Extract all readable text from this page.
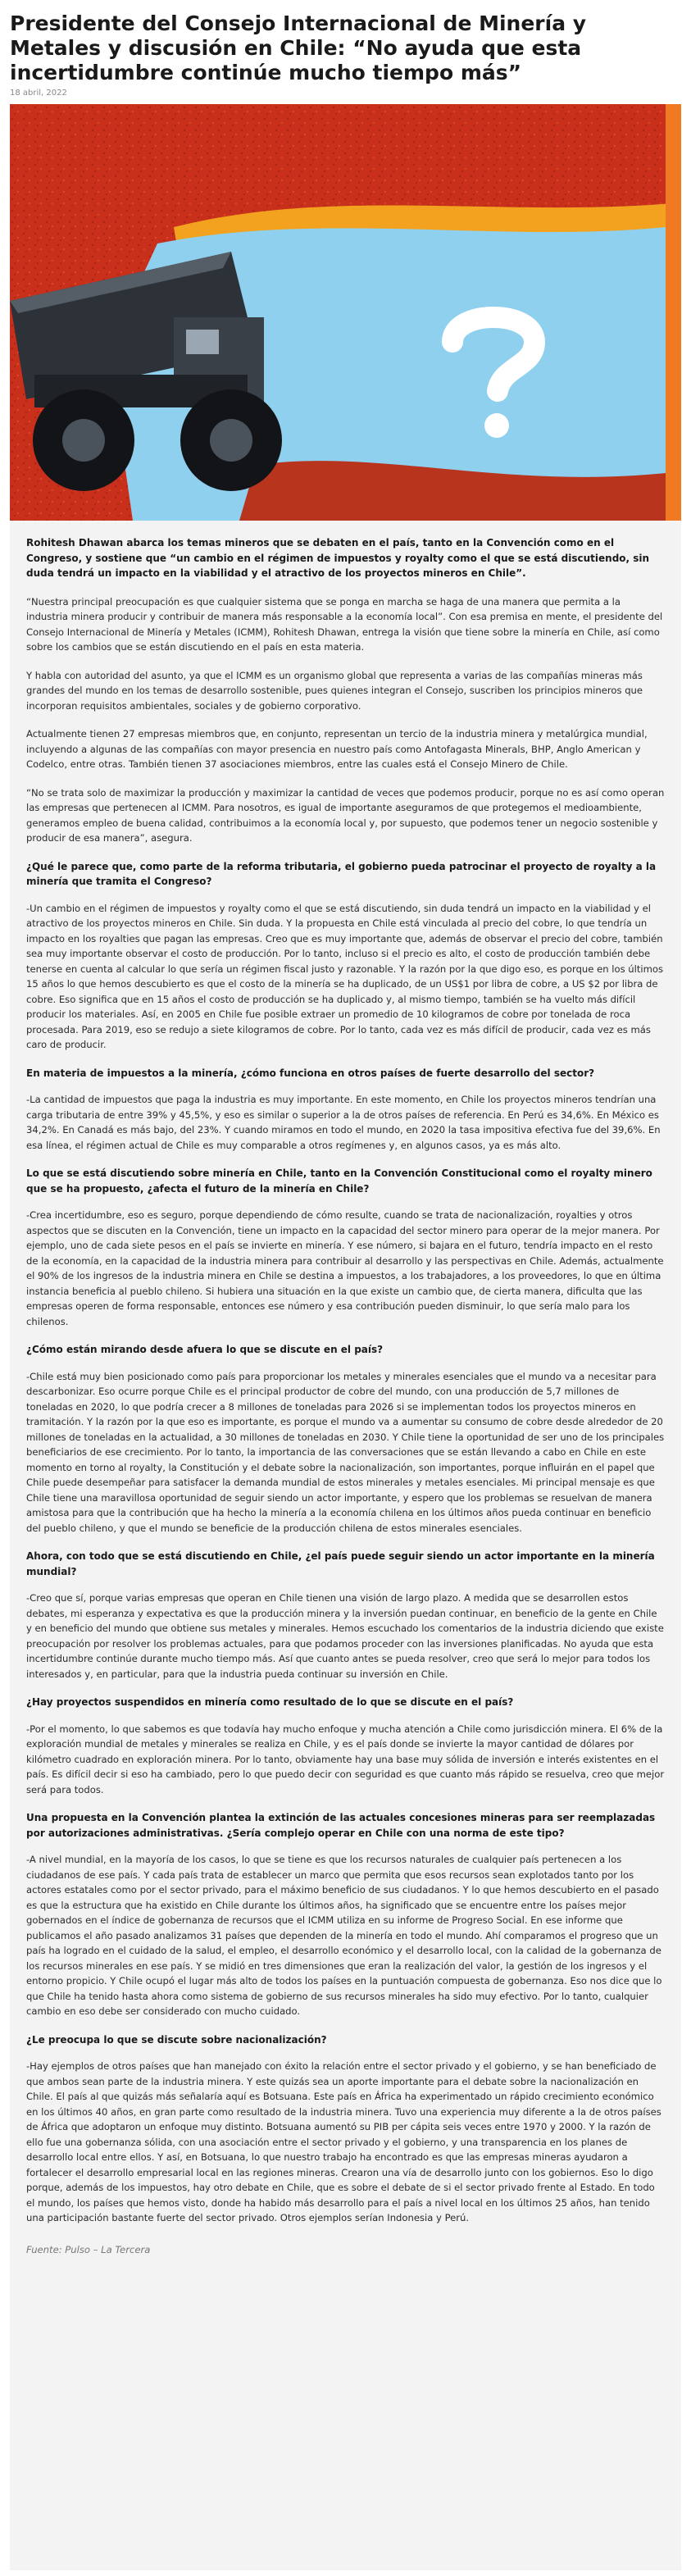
Presidente del Consejo Internacional de Minería y Metales y discusión en Chile: “No ayuda que esta incertidumbre continúe mucho tiempo más”
18 abril, 2022

Rohitesh Dhawan abarca los temas mineros que se debaten en el país, tanto en la Convención como en el Congreso, y sostiene que “un cambio en el régimen de impuestos y royalty como el que se está discutiendo, sin duda tendrá un impacto en la viabilidad y el atractivo de los proyectos mineros en Chile”.

“Nuestra principal preocupación es que cualquier sistema que se ponga en marcha se haga de una manera que permita a la industria minera producir y contribuir de manera más responsable a la economía local”. Con esa premisa en mente, el presidente del Consejo Internacional de Minería y Metales (ICMM), Rohitesh Dhawan, entrega la visión que tiene sobre la minería en Chile, así como sobre los cambios que se están discutiendo en el país en esta materia.

Y habla con autoridad del asunto, ya que el ICMM es un organismo global que representa a varias de las compañías mineras más grandes del mundo en los temas de desarrollo sostenible, pues quienes integran el Consejo, suscriben los principios mineros que incorporan requisitos ambientales, sociales y de gobierno corporativo.

Actualmente tienen 27 empresas miembros que, en conjunto, representan un tercio de la industria minera y metalúrgica mundial, incluyendo a algunas de las compañías con mayor presencia en nuestro país como Antofagasta Minerals, BHP, Anglo American y Codelco, entre otras. También tienen 37 asociaciones miembros, entre las cuales está el Consejo Minero de Chile.

“No se trata solo de maximizar la producción y maximizar la cantidad de veces que podemos producir, porque no es así como operan las empresas que pertenecen al ICMM. Para nosotros, es igual de importante aseguramos de que protegemos el medioambiente, generamos empleo de buena calidad, contribuimos a la economía local y, por supuesto, que podemos tener un negocio sostenible y producir de esa manera”, asegura.

¿Qué le parece que, como parte de la reforma tributaria, el gobierno pueda patrocinar el proyecto de royalty a la minería que tramita el Congreso?

-Un cambio en el régimen de impuestos y royalty como el que se está discutiendo, sin duda tendrá un impacto en la viabilidad y el atractivo de los proyectos mineros en Chile. Sin duda. Y la propuesta en Chile está vinculada al precio del cobre, lo que tendría un impacto en los royalties que pagan las empresas. Creo que es muy importante que, además de observar el precio del cobre, también sea muy importante observar el costo de producción. Por lo tanto, incluso si el precio es alto, el costo de producción también debe tenerse en cuenta al calcular lo que sería un régimen fiscal justo y razonable. Y la razón por la que digo eso, es porque en los últimos 15 años lo que hemos descubierto es que el costo de la minería se ha duplicado, de un US$1 por libra de cobre, a US $2 por libra de cobre. Eso significa que en 15 años el costo de producción se ha duplicado y, al mismo tiempo, también se ha vuelto más difícil producir los materiales. Así, en 2005 en Chile fue posible extraer un promedio de 10 kilogramos de cobre por tonelada de roca procesada. Para 2019, eso se redujo a siete kilogramos de cobre. Por lo tanto, cada vez es más difícil de producir, cada vez es más caro de producir.

En materia de impuestos a la minería, ¿cómo funciona en otros países de fuerte desarrollo del sector?

-La cantidad de impuestos que paga la industria es muy importante. En este momento, en Chile los proyectos mineros tendrían una carga tributaria de entre 39% y 45,5%, y eso es similar o superior a la de otros países de referencia. En Perú es 34,6%. En México es 34,2%. En Canadá es más bajo, del 23%. Y cuando miramos en todo el mundo, en 2020 la tasa impositiva efectiva fue del 39,6%. En esa línea, el régimen actual de Chile es muy comparable a otros regímenes y, en algunos casos, ya es más alto.

Lo que se está discutiendo sobre minería en Chile, tanto en la Convención Constitucional como el royalty minero que se ha propuesto, ¿afecta el futuro de la minería en Chile?

-Crea incertidumbre, eso es seguro, porque dependiendo de cómo resulte, cuando se trata de nacionalización, royalties y otros aspectos que se discuten en la Convención, tiene un impacto en la capacidad del sector minero para operar de la mejor manera. Por ejemplo, uno de cada siete pesos en el país se invierte en minería. Y ese número, si bajara en el futuro, tendría impacto en el resto de la economía, en la capacidad de la industria minera para contribuir al desarrollo y las perspectivas en Chile. Además, actualmente el 90% de los ingresos de la industria minera en Chile se destina a impuestos, a los trabajadores, a los proveedores, lo que en última instancia beneficia al pueblo chileno. Si hubiera una situación en la que existe un cambio que, de cierta manera, dificulta que las empresas operen de forma responsable, entonces ese número y esa contribución pueden disminuir, lo que sería malo para los chilenos.

¿Cómo están mirando desde afuera lo que se discute en el país?

-Chile está muy bien posicionado como país para proporcionar los metales y minerales esenciales que el mundo va a necesitar para descarbonizar. Eso ocurre porque Chile es el principal productor de cobre del mundo, con una producción de 5,7 millones de toneladas en 2020, lo que podría crecer a 8 millones de toneladas para 2026 si se implementan todos los proyectos mineros en tramitación. Y la razón por la que eso es importante, es porque el mundo va a aumentar su consumo de cobre desde alrededor de 20 millones de toneladas en la actualidad, a 30 millones de toneladas en 2030. Y Chile tiene la oportunidad de ser uno de los principales beneficiarios de ese crecimiento. Por lo tanto, la importancia de las conversaciones que se están llevando a cabo en Chile en este momento en torno al royalty, la Constitución y el debate sobre la nacionalización, son importantes, porque influirán en el papel que Chile puede desempeñar para satisfacer la demanda mundial de estos minerales y metales esenciales. Mi principal mensaje es que Chile tiene una maravillosa oportunidad de seguir siendo un actor importante, y espero que los problemas se resuelvan de manera amistosa para que la contribución que ha hecho la minería a la economía chilena en los últimos años pueda continuar en beneficio del pueblo chileno, y que el mundo se beneficie de la producción chilena de estos minerales esenciales.

Ahora, con todo que se está discutiendo en Chile, ¿el país puede seguir siendo un actor importante en la minería mundial?

-Creo que sí, porque varias empresas que operan en Chile tienen una visión de largo plazo. A medida que se desarrollen estos debates, mi esperanza y expectativa es que la producción minera y la inversión puedan continuar, en beneficio de la gente en Chile y en beneficio del mundo que obtiene sus metales y minerales. Hemos escuchado los comentarios de la industria diciendo que existe preocupación por resolver los problemas actuales, para que podamos proceder con las inversiones planificadas. No ayuda que esta incertidumbre continúe durante mucho tiempo más. Así que cuanto antes se pueda resolver, creo que será lo mejor para todos los interesados y, en particular, para que la industria pueda continuar su inversión en Chile.

¿Hay proyectos suspendidos en minería como resultado de lo que se discute en el país?

-Por el momento, lo que sabemos es que todavía hay mucho enfoque y mucha atención a Chile como jurisdicción minera. El 6% de la exploración mundial de metales y minerales se realiza en Chile, y es el país donde se invierte la mayor cantidad de dólares por kilómetro cuadrado en exploración minera. Por lo tanto, obviamente hay una base muy sólida de inversión e interés existentes en el país. Es difícil decir si eso ha cambiado, pero lo que puedo decir con seguridad es que cuanto más rápido se resuelva, creo que mejor será para todos.

Una propuesta en la Convención plantea la extinción de las actuales concesiones mineras para ser reemplazadas por autorizaciones administrativas. ¿Sería complejo operar en Chile con una norma de este tipo?

-A nivel mundial, en la mayoría de los casos, lo que se tiene es que los recursos naturales de cualquier país pertenecen a los ciudadanos de ese país. Y cada país trata de establecer un marco que permita que esos recursos sean explotados tanto por los actores estatales como por el sector privado, para el máximo beneficio de sus ciudadanos. Y lo que hemos descubierto en el pasado es que la estructura que ha existido en Chile durante los últimos años, ha significado que se encuentre entre los países mejor gobernados en el índice de gobernanza de recursos que el ICMM utiliza en su informe de Progreso Social. En ese informe que publicamos el año pasado analizamos 31 países que dependen de la minería en todo el mundo. Ahí comparamos el progreso que un país ha logrado en el cuidado de la salud, el empleo, el desarrollo económico y el desarrollo local, con la calidad de la gobernanza de los recursos minerales en ese país. Y se midió en tres dimensiones que eran la realización del valor, la gestión de los ingresos y el entorno propicio. Y Chile ocupó el lugar más alto de todos los países en la puntuación compuesta de gobernanza. Eso nos dice que lo que Chile ha tenido hasta ahora como sistema de gobierno de sus recursos minerales ha sido muy efectivo. Por lo tanto, cualquier cambio en eso debe ser considerado con mucho cuidado.

¿Le preocupa lo que se discute sobre nacionalización?

-Hay ejemplos de otros países que han manejado con éxito la relación entre el sector privado y el gobierno, y se han beneficiado de que ambos sean parte de la industria minera. Y este quizás sea un aporte importante para el debate sobre la nacionalización en Chile. El país al que quizás más señalaría aquí es Botsuana. Este país en África ha experimentado un rápido crecimiento económico en los últimos 40 años, en gran parte como resultado de la industria minera. Tuvo una experiencia muy diferente a la de otros países de África que adoptaron un enfoque muy distinto. Botsuana aumentó su PIB per cápita seis veces entre 1970 y 2000. Y la razón de ello fue una gobernanza sólida, con una asociación entre el sector privado y el gobierno, y una transparencia en los planes de desarrollo local entre ellos. Y así, en Botsuana, lo que nuestro trabajo ha encontrado es que las empresas mineras ayudaron a fortalecer el desarrollo empresarial local en las regiones mineras. Crearon una vía de desarrollo junto con los gobiernos. Eso lo digo porque, además de los impuestos, hay otro debate en Chile, que es sobre el debate de si el sector privado frente al Estado. En todo el mundo, los países que hemos visto, donde ha habido más desarrollo para el país a nivel local en los últimos 25 años, han tenido una participación bastante fuerte del sector privado. Otros ejemplos serían Indonesia y Perú.

Fuente: Pulso – La Tercera
